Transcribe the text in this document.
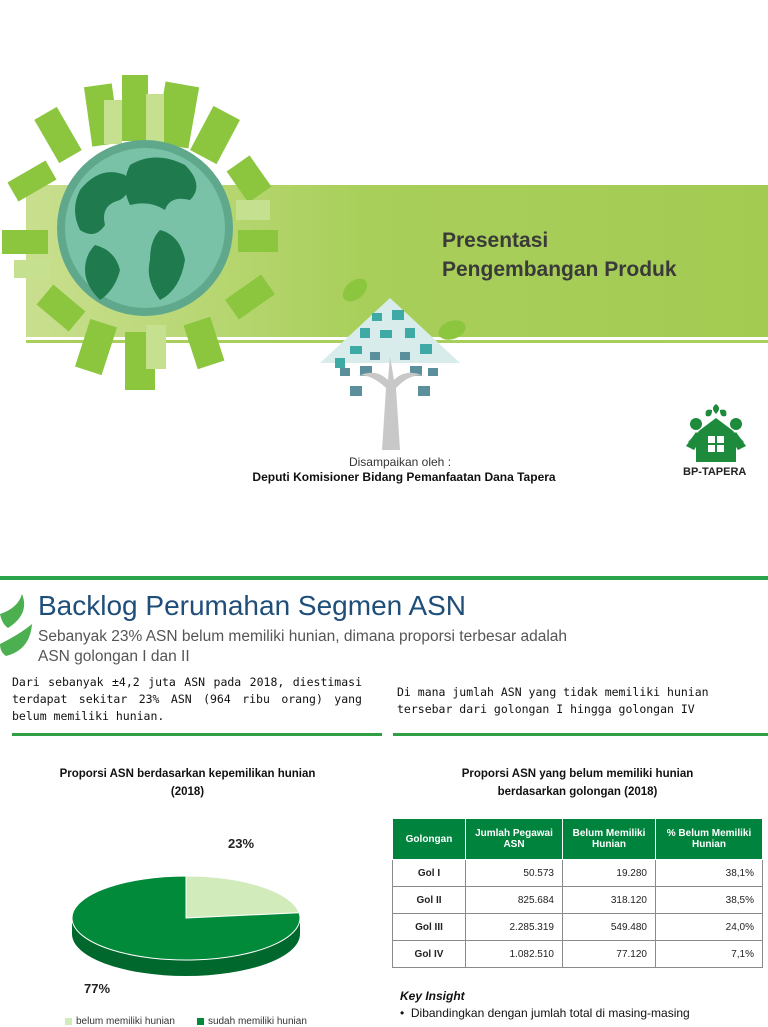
Presentasi
Pengembangan Produk
Disampaikan oleh :
Deputi Komisioner Bidang Pemanfaatan Dana Tapera	BP-TAPERA
Backlog Perumahan Segmen ASN
Sebanyak 23% ASN belum memiliki hunian, dimana proporsi terbesar adalah ASN golongan I dan II
Dari sebanyak ±4,2 juta ASN pada 2018, diestimasi terdapat sekitar 23% ASN (964 ribu orang) yang belum memiliki hunian.
Di mana jumlah ASN yang tidak memiliki hunian tersebar dari golongan I hingga golongan IV
Proporsi ASN berdasarkan kepemilikan hunian (2018)
Proporsi ASN yang belum memiliki hunian berdasarkan golongan (2018)
belum memiliki hunian	sudah memiliki hunian
Golongan	Jumlah Pegawai ASN	Belum Memiliki Hunian	% Belum Memiliki Hunian
Gol I	50.573	19.280	38,1%
Gol II	825.684	318.120	38,5%
Gol III	2.285.319	549.480	24,0%
Gol IV	1.082.510	77.120	7,1%
Key Insight
•  Dibandingkan dengan jumlah total di masing-masing
23%
77%
